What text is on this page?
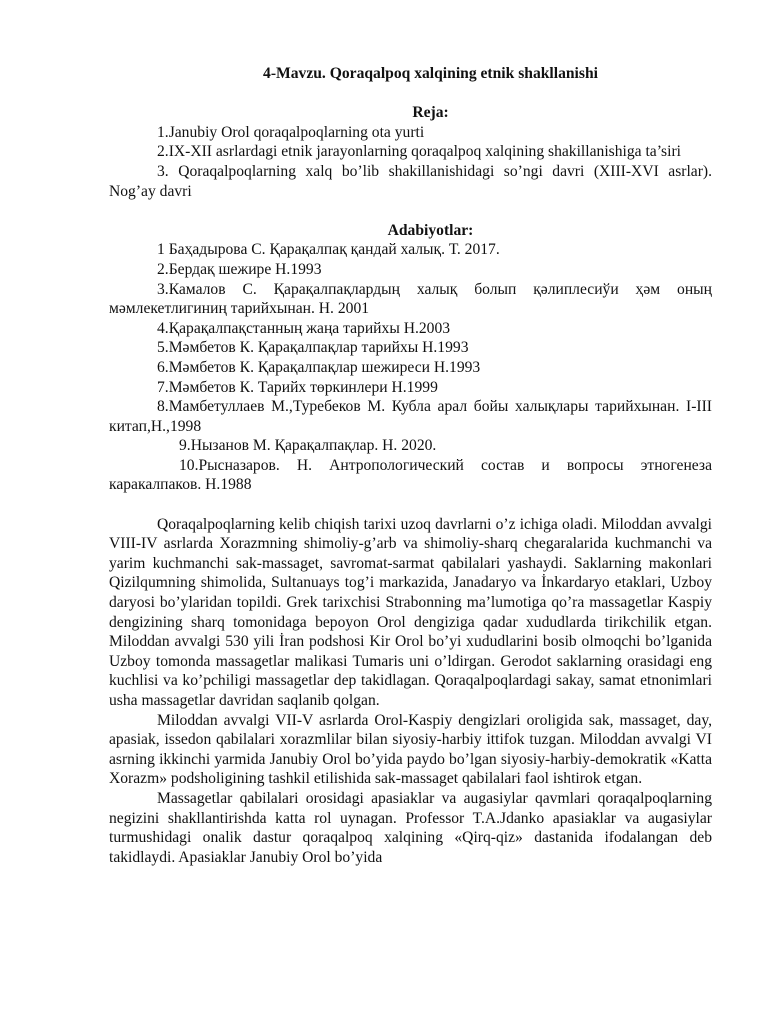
4-Mavzu. Qoraqalpoq xalqining etnik shakllanishi
Reja:

1.Janubiy Orol qoraqalpoqlarning ota yurti

2.IX-XII asrlardagi etnik jarayonlarning qoraqalpoq xalqining shakillanishiga ta’siri

3. Qoraqalpoqlarning xalq bo’lib shakillanishidagi so’ngi davri (XIII-XVI asrlar). Nog’ay davri

Adabiyotlar:

1 Баҳадырова С. Қарақалпақ қандай халық. Т. 2017.

2.Бердақ шежире Н.1993

3.Камалов С. Қарақалпақлардың халық болып қәлиплесиўи ҳәм оның мәмлекетлигиниң тарийхынан. Н. 2001

4.Қарақалпақстанның жаңа тарийхы Н.2003

5.Мәмбетов К. Қарақалпақлар тарийхы Н.1993

6.Мәмбетов К. Қарақалпақлар шежиреси Н.1993

7.Мәмбетов К. Тарийх төркинлери Н.1999

8.Мамбетуллаев М.,Туребеков М. Кубла арал бойы халықлары тарийхынан. I-III китап,Н.,1998

9.Нызанов М. Қарақалпақлар. Н. 2020.

10.Рысназаров. Н. Антропологический состав и вопросы этногенеза каракалпаков. Н.1988

Qoraqalpoqlarning kelib chiqish tarixi uzoq davrlarni o’z ichiga oladi. Miloddan avvalgi VIII-IV asrlarda Xorazmning shimoliy-g’arb va shimoliy-sharq chegaralarida kuchmanchi va yarim kuchmanchi sak-massaget, savromat-sarmat qabilalari yashaydi. Saklarning makonlari Qizilqumning shimolida, Sultanuays tog’i markazida, Janadaryo va İnkardaryo etaklari, Uzboy daryosi bo’ylaridan topildi. Grek tarixchisi Strabonning ma’lumotiga qo’ra massagetlar Kaspiy dengizining sharq tomonidaga bepoyon Orol dengiziga qadar xududlarda tirikchilik etgan. Miloddan avvalgi 530 yili İran podshosi Kir Orol bo’yi xudud​larini bosib olmoqchi bo’lganida Uzboy tomonda massagetlar malikasi Tumaris uni o’ldirgan. Gerodot saklarning orasidagi eng kuchlisi va ko’pchiligi massagetlar dep takidlagan. Qoraqalpoqlardagi sakay, samat etnonimlari usha massagetlar davridan saqlanib qolgan.

Miloddan avvalgi VII-V asrlarda Orol-Kaspiy dengizlari oroligida sak, massaget, day, apasiak, issedon qabilalari xorazmlilar bilan siyosiy-harbiy ittifok tuzgan. Miloddan avvalgi VI asrning ikkinchi yarmida Janubiy Orol bo’yida paydo bo’lgan siyosiy-harbiy-demokratik «Katta Xorazm» podsholigining tashkil etilishida sak-massaget qabilalari faol ishtirok etgan.

Massagetlar qabilalari orosidagi apasiaklar va augasiylar qavmlari qoraqalpoqlarning negizini shakllantirishda katta rol uynagan. Professor T.A.Jdanko apasiaklar va augasiylar turmushidagi onalik dastur qoraqalpoq xalqining «Qirq-qiz» dastanida ifodalangan deb takidlaydi. Apasiaklar Janubiy Orol bo’yida
